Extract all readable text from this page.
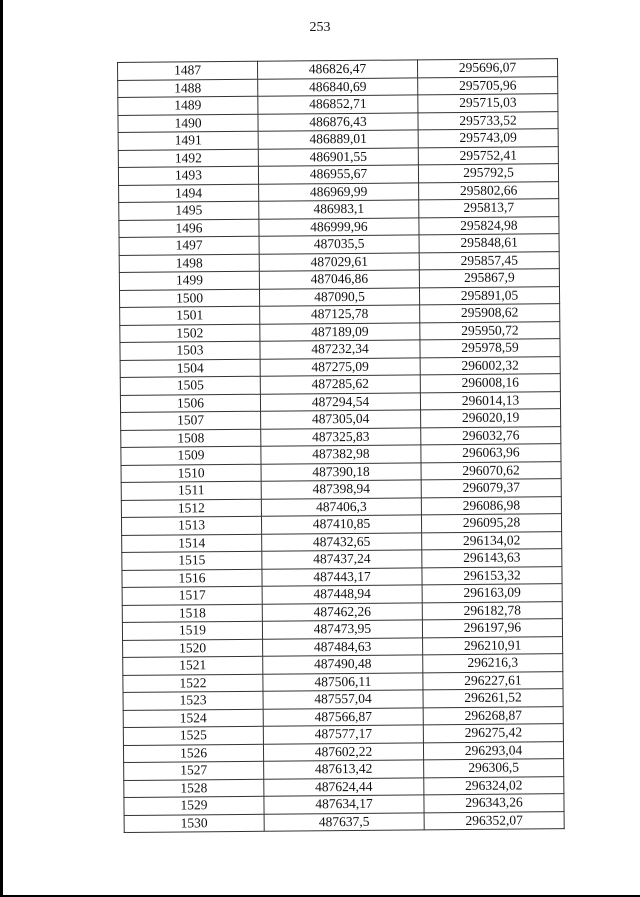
253
1487	486826,47	295696,07
1488	486840,69	295705,96
1489	486852,71	295715,03
1490	486876,43	295733,52
1491	486889,01	295743,09
1492	486901,55	295752,41
1493	486955,67	295792,5
1494	486969,99	295802,66
1495	486983,1	295813,7
1496	486999,96	295824,98
1497	487035,5	295848,61
1498	487029,61	295857,45
1499	487046,86	295867,9
1500	487090,5	295891,05
1501	487125,78	295908,62
1502	487189,09	295950,72
1503	487232,34	295978,59
1504	487275,09	296002,32
1505	487285,62	296008,16
1506	487294,54	296014,13
1507	487305,04	296020,19
1508	487325,83	296032,76
1509	487382,98	296063,96
1510	487390,18	296070,62
1511	487398,94	296079,37
1512	487406,3	296086,98
1513	487410,85	296095,28
1514	487432,65	296134,02
1515	487437,24	296143,63
1516	487443,17	296153,32
1517	487448,94	296163,09
1518	487462,26	296182,78
1519	487473,95	296197,96
1520	487484,63	296210,91
1521	487490,48	296216,3
1522	487506,11	296227,61
1523	487557,04	296261,52
1524	487566,87	296268,87
1525	487577,17	296275,42
1526	487602,22	296293,04
1527	487613,42	296306,5
1528	487624,44	296324,02
1529	487634,17	296343,26
1530	487637,5	296352,07
